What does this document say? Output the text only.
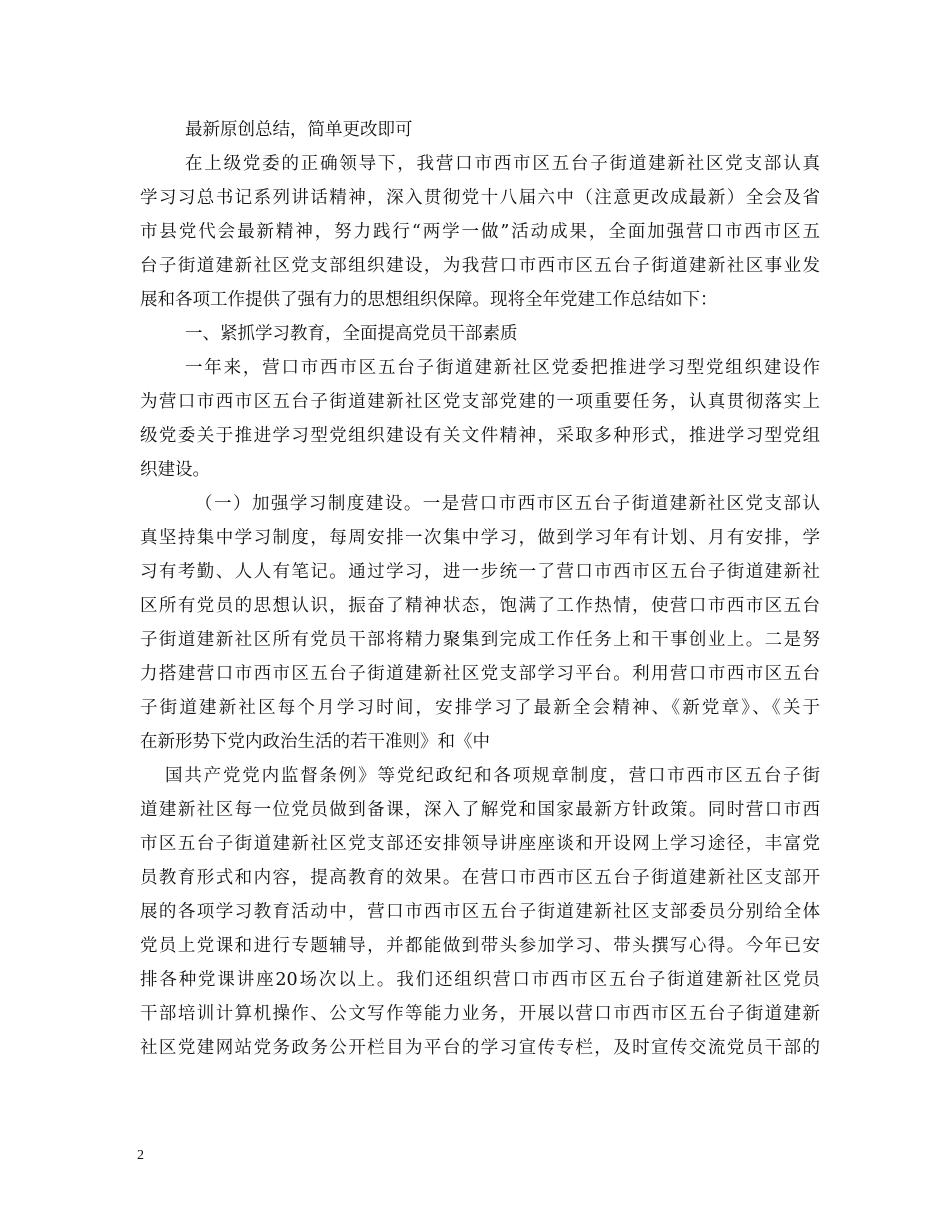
最新原创总结，简单更改即可
在上级党委的正确领导下，我营口市西市区五台子街道建新社区党支部认真
学习习总书记系列讲话精神，深入贯彻党十八届六中（注意更改成最新）全会及省
市县党代会最新精神，努力践行“两学一做”活动成果，全面加强营口市西市区五
台子街道建新社区党支部组织建设，为我营口市西市区五台子街道建新社区事业发
展和各项工作提供了强有力的思想组织保障。现将全年党建工作总结如下：
一、紧抓学习教育，全面提高党员干部素质
一年来，营口市西市区五台子街道建新社区党委把推进学习型党组织建设作
为营口市西市区五台子街道建新社区党支部党建的一项重要任务，认真贯彻落实上
级党委关于推进学习型党组织建设有关文件精神，采取多种形式，推进学习型党组
织建设。
（一）加强学习制度建设。一是营口市西市区五台子街道建新社区党支部认
真坚持集中学习制度，每周安排一次集中学习，做到学习年有计划、月有安排，学
习有考勤、人人有笔记。通过学习，进一步统一了营口市西市区五台子街道建新社
区所有党员的思想认识，振奋了精神状态，饱满了工作热情，使营口市西市区五台
子街道建新社区所有党员干部将精力聚集到完成工作任务上和干事创业上。二是努
力搭建营口市西市区五台子街道建新社区党支部学习平台。利用营口市西市区五台
子街道建新社区每个月学习时间，安排学习了最新全会精神、《新党章》、《关于
在新形势下党内政治生活的若干准则》和《中
国共产党党内监督条例》等党纪政纪和各项规章制度，营口市西市区五台子街
道建新社区每一位党员做到备课，深入了解党和国家最新方针政策。同时营口市西
市区五台子街道建新社区党支部还安排领导讲座座谈和开设网上学习途径，丰富党
员教育形式和内容，提高教育的效果。在营口市西市区五台子街道建新社区支部开
展的各项学习教育活动中，营口市西市区五台子街道建新社区支部委员分别给全体
党员上党课和进行专题辅导，并都能做到带头参加学习、带头撰写心得。今年已安
排各种党课讲座20场次以上。我们还组织营口市西市区五台子街道建新社区党员
干部培训计算机操作、公文写作等能力业务，开展以营口市西市区五台子街道建新
社区党建网站党务政务公开栏目为平台的学习宣传专栏，及时宣传交流党员干部的
2
